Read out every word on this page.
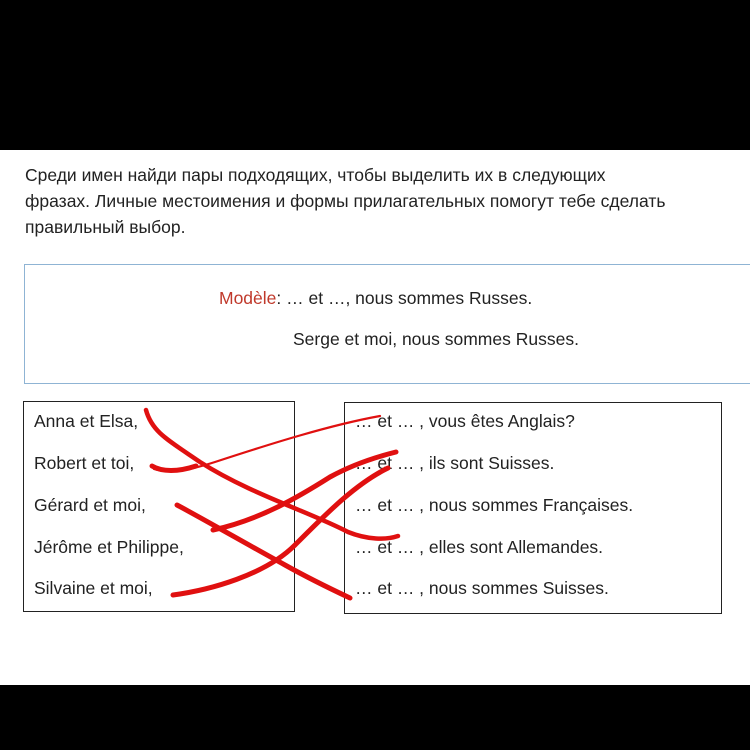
Среди имен найди пары подходящих, чтобы выделить их в следующих
фразах. Личные местоимения и формы прилагательных помогут тебе сделать
правильный выбор.
Modèle: … et …, nous sommes Russes.
Serge et moi, nous sommes Russes.
Anna et Elsa,
Robert et toi,
Gérard et moi,
Jérôme et Philippe,
Silvaine et moi,
… et … , vous êtes Anglais?
… et … , ils sont Suisses.
… et … , nous sommes Françaises.
… et … , elles sont Allemandes.
… et … , nous sommes Suisses.
